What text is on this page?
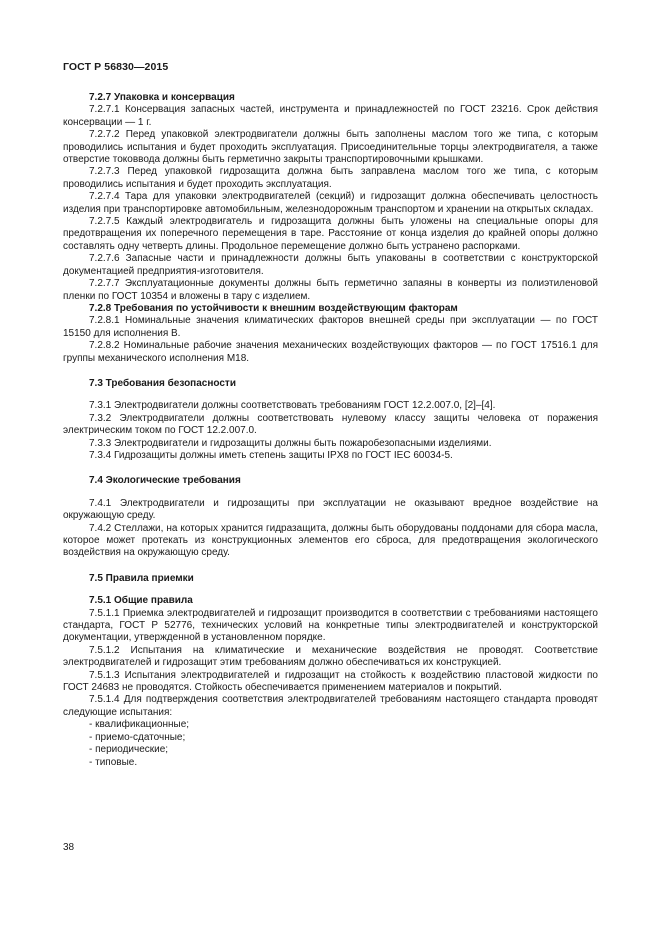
ГОСТ Р 56830—2015
7.2.7 Упаковка и консервация
7.2.7.1 Консервация запасных частей, инструмента и принадлежностей по ГОСТ 23216. Срок действия консервации — 1 г.
7.2.7.2 Перед упаковкой электродвигатели должны быть заполнены маслом того же типа, с которым проводились испытания и будет проходить эксплуатация. Присоединительные торцы электродвигателя, а также отверстие токоввода должны быть герметично закрыты транспортировочными крышками.
7.2.7.3 Перед упаковкой гидрозащита должна быть заправлена маслом того же типа, с которым проводились испытания и будет проходить эксплуатация.
7.2.7.4 Тара для упаковки электродвигателей (секций) и гидрозащит должна обеспечивать целостность изделия при транспортировке автомобильным, железнодорожным транспортом и хранении на открытых складах.
7.2.7.5 Каждый электродвигатель и гидрозащита должны быть уложены на специальные опоры для предотвращения их поперечного перемещения в таре. Расстояние от конца изделия до крайней опоры должно составлять одну четверть длины. Продольное перемещение должно быть устранено распорками.
7.2.7.6 Запасные части и принадлежности должны быть упакованы в соответствии с конструкторской документацией предприятия-изготовителя.
7.2.7.7 Эксплуатационные документы должны быть герметично запаяны в конверты из полиэтиленовой пленки по ГОСТ 10354 и вложены в тару с изделием.
7.2.8 Требования по устойчивости к внешним воздействующим факторам
7.2.8.1 Номинальные значения климатических факторов внешней среды при эксплуатации — по ГОСТ 15150 для исполнения В.
7.2.8.2 Номинальные рабочие значения механических воздействующих факторов — по ГОСТ 17516.1 для группы механического исполнения М18.
7.3 Требования безопасности
7.3.1 Электродвигатели должны соответствовать требованиям ГОСТ 12.2.007.0, [2]–[4].
7.3.2 Электродвигатели должны соответствовать нулевому классу защиты человека от поражения электрическим током по ГОСТ 12.2.007.0.
7.3.3 Электродвигатели и гидрозащиты должны быть пожаробезопасными изделиями.
7.3.4 Гидрозащиты должны иметь степень защиты IPX8 по ГОСТ IEC 60034-5.
7.4 Экологические требования
7.4.1 Электродвигатели и гидрозащиты при эксплуатации не оказывают вредное воздействие на окружающую среду.
7.4.2 Стеллажи, на которых хранится гидразащита, должны быть оборудованы поддонами для сбора масла, которое может протекать из конструкционных элементов его сброса, для предотвращения экологического воздействия на окружающую среду.
7.5 Правила приемки
7.5.1 Общие правила
7.5.1.1 Приемка электродвигателей и гидрозащит производится в соответствии с требованиями настоящего стандарта, ГОСТ Р 52776, технических условий на конкретные типы электродвигателей и конструкторской документации, утвержденной в установленном порядке.
7.5.1.2 Испытания на климатические и механические воздействия не проводят. Соответствие электродвигателей и гидрозащит этим требованиям должно обеспечиваться их конструкцией.
7.5.1.3 Испытания электродвигателей и гидрозащит на стойкость к воздействию пластовой жидкости по ГОСТ 24683 не проводятся. Стойкость обеспечивается применением материалов и покрытий.
7.5.1.4 Для подтверждения соответствия электродвигателей требованиям настоящего стандарта проводят следующие испытания:
- квалификационные;
- приемо-сдаточные;
- периодические;
- типовые.
38
